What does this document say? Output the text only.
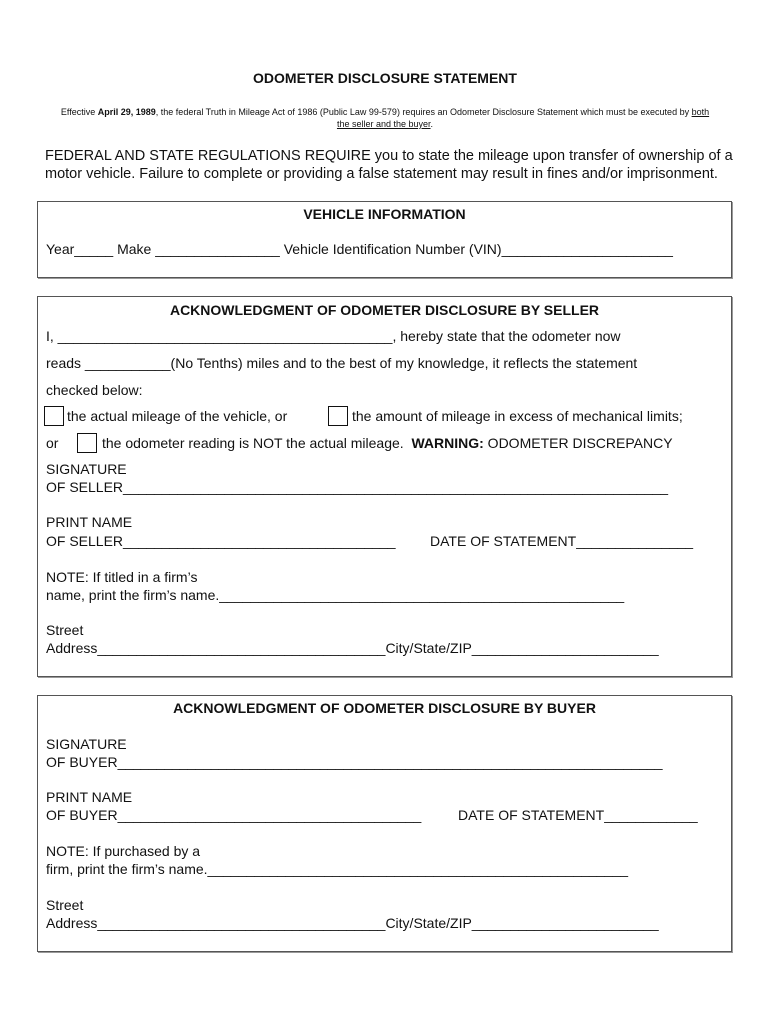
ODOMETER DISCLOSURE STATEMENT
Effective April 29, 1989, the federal Truth in Mileage Act of 1986 (Public Law 99-579) requires an Odometer Disclosure Statement which must be executed by both the seller and the buyer.
FEDERAL AND STATE REGULATIONS REQUIRE you to state the mileage upon transfer of ownership of a motor vehicle. Failure to complete or providing a false statement may result in fines and/or imprisonment.
VEHICLE INFORMATION
Year_____ Make ________________ Vehicle Identification Number (VIN)______________________
ACKNOWLEDGMENT OF ODOMETER DISCLOSURE BY SELLER
I, ___________________________________________, hereby state that the odometer now
reads ___________(No Tenths) miles and to the best of my knowledge, it reflects the statement
checked below:
the actual mileage of the vehicle, or	the amount of mileage in excess of mechanical limits;
or	the odometer reading is NOT the actual mileage. WARNING: ODOMETER DISCREPANCY
SIGNATURE
OF SELLER______________________________________________________________________
PRINT NAME
OF SELLER___________________________________ DATE OF STATEMENT_______________
NOTE: If titled in a firm’s
name, print the firm’s name.____________________________________________________
Street
Address_____________________________________City/State/ZIP________________________
ACKNOWLEDGMENT OF ODOMETER DISCLOSURE BY BUYER
SIGNATURE
OF BUYER______________________________________________________________________
PRINT NAME
OF BUYER_______________________________________	DATE OF STATEMENT____________
NOTE: If purchased by a
firm, print the firm’s name.______________________________________________________
Street
Address_____________________________________City/State/ZIP________________________
